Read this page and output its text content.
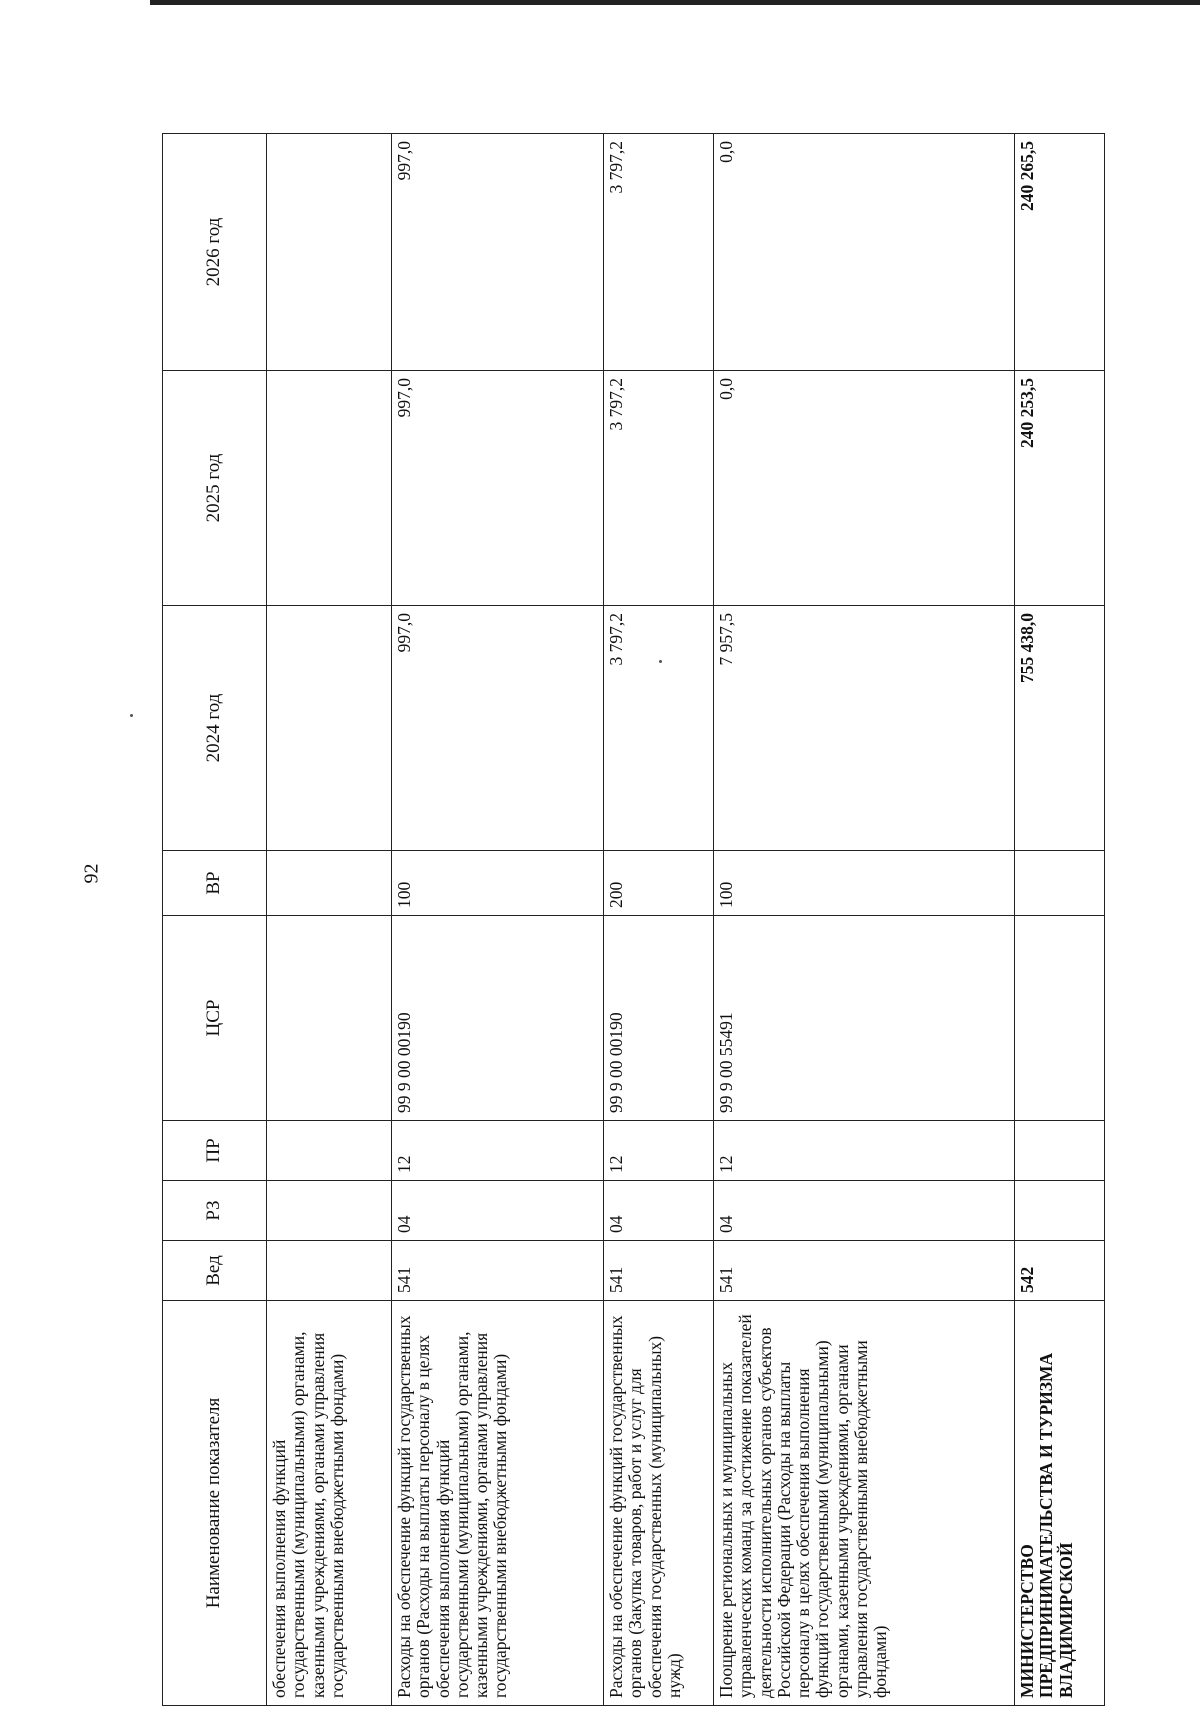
92
Наименование показателя	Вед	РЗ	ПР	ЦСР	ВР	2024 год	2025 год	2026 год
обеспечения выполнения функций государственными (муниципальными) органами, казенными учреждениями, органами управления государственными внебюджетными фондами)								
Расходы на обеспечение функций государственных органов (Расходы на выплаты персоналу в целях обеспечения выполнения функций государственными (муниципальными) органами, казенными учреждениями, органами управления государственными внебюджетными фондами)	541	04	12	99 9 00 00190	100	997,0	997,0	997,0
Расходы на обеспечение функций государственных органов (Закупка товаров, работ и услуг для обеспечения государственных (муниципальных) нужд)	541	04	12	99 9 00 00190	200	3 797,2	3 797,2	3 797,2
Поощрение региональных и муниципальных управленческих команд за достижение показателей деятельности исполнительных органов субъектов Российской Федерации (Расходы на выплаты персоналу в целях обеспечения выполнения функций государственными (муниципальными) органами, казенными учреждениями, органами управления государственными внебюджетными фондами)	541	04	12	99 9 00 55491	100	7 957,5	0,0	0,0
МИНИСТЕРСТВО ПРЕДПРИНИМАТЕЛЬСТВА И ТУРИЗМА ВЛАДИМИРСКОЙ	542					755 438,0	240 253,5	240 265,5
